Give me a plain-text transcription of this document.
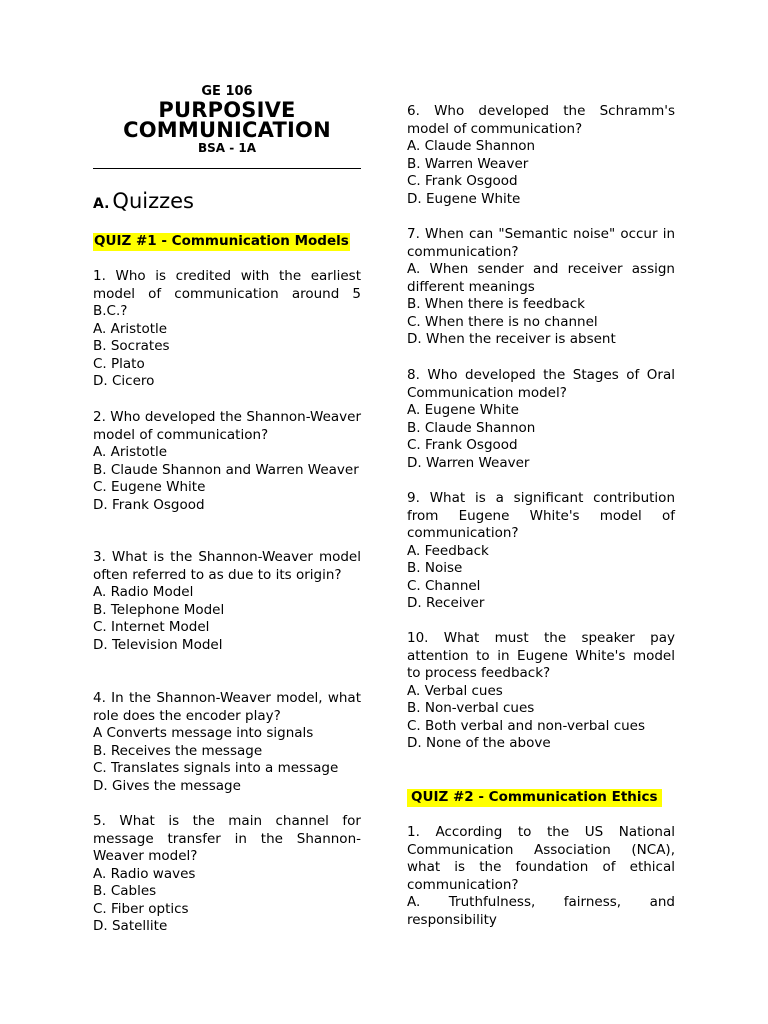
GE 106
PURPOSIVE
COMMUNICATION
BSA - 1A
A. Quizzes
QUIZ #1 - Communication Models
1. Who is credited with the earliest model of communication around 5 B.C.?
A. Aristotle
B. Socrates
C. Plato
D. Cicero
2. Who developed the Shannon-Weaver model of communication?
A. Aristotle
B. Claude Shannon and Warren Weaver
C. Eugene White
D. Frank Osgood
3. What is the Shannon-Weaver model often referred to as due to its origin?
A. Radio Model
B. Telephone Model
C. Internet Model
D. Television Model
4. In the Shannon-Weaver model, what role does the encoder play?
A Converts message into signals
B. Receives the message
C. Translates signals into a message
D. Gives the message
5. What is the main channel for message transfer in the Shannon-Weaver model?
A. Radio waves
B. Cables
C. Fiber optics
D. Satellite
6. Who developed the Schramm's model of communication?
A. Claude Shannon
B. Warren Weaver
C. Frank Osgood
D. Eugene White
7. When can "Semantic noise" occur in communication?
A. When sender and receiver assign different meanings
B. When there is feedback
C. When there is no channel
D. When the receiver is absent
8. Who developed the Stages of Oral Communication model?
A. Eugene White
B. Claude Shannon
C. Frank Osgood
D. Warren Weaver
9. What is a significant contribution from Eugene White's model of communication?
A. Feedback
B. Noise
C. Channel
D. Receiver
10. What must the speaker pay attention to in Eugene White's model to process feedback?
A. Verbal cues
B. Non-verbal cues
C. Both verbal and non-verbal cues
D. None of the above
QUIZ #2 - Communication Ethics
1. According to the US National Communication Association (NCA), what is the foundation of ethical communication?
A. Truthfulness, fairness, and responsibility
